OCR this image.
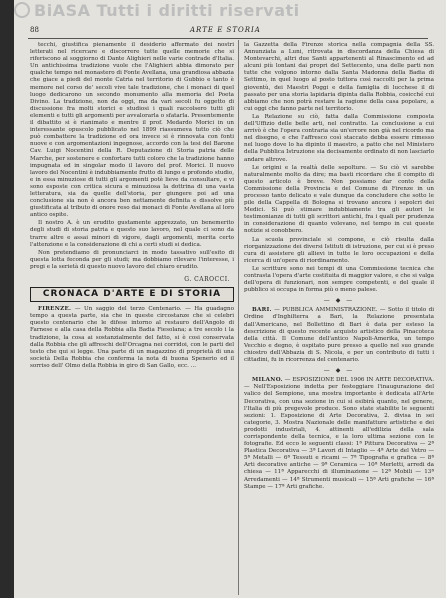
BiASA Tutti i diritti riservati
88	ARTE E STORIA

tecchi, giustifica pienamente il desiderio affermato dei nostri letterati nel ricercare e discorrere tutte quelle memorie che si riferiscono al soggiorno di Dante Alighieri nelle varie contrade d'Italia. Un antichissima tradizione vuole che l'Alighieri abbia dimorato per qualche tempo nel monastero di Fonte Avellana, una grandiosa abbazia che giace a piedi del monte Catria nel territorio di Gubbio e tanto è memore nel corso de' secoli vive tale tradizione, che i monaci di quel luogo dedicarono un secondo monumento alla memoria del Poeta Divino. La tradizione, non da oggi, ma da vari secoli fu oggetto di discussione fra molti storici e studiosi i quali raccolsero tutti gli elementi e tutti gli argomenti per avvalorarla o sfatarla. Presentemente il dibattito si è rianimato e mentre il prof. Medardo Morici in un interessante opuscolo pubblicato nel 1899 riassumeva tutto ciò che può combattere la tradizione ed ora invece si è rinnovata con fonti nuove e con argomentazioni ingegnose, accordo con la tesi del Barone Cav. Luigi Nocentini della R. Deputazione di Storia patria delle Marche, per sostenere e confortare tutti coloro che la tradizione hanno impugnata ed in singolar modo il lavoro del prof. Morici. Il nuovo lavoro del Nocentini è indubbiamente frutto di lungo e profondo studio, e in essa minuziose di tutti gli argomenti potè lieve da consultare, e vi sono esposte con critica sicura e minuziosa la dottrina di una vasta letteratura, sia da quelle dell'storia, per giungere poi ad una conclusione sia non è ancora ben nettamente definita e dissolve più giustificata al tributo di onore reso dai monaci di Fonte Avellana al loro antico ospite.

Il nostro A. è un erudito gustamente apprezzato, un benemerito degli studi di storia patria e questo suo lavoro, nel quale ci sono da trarre altre e assai minori di vigore, dagli argomenti, merita certo l'attenzione e la considerazione di chi a certi studi si dedica.

Non pretendiamo di pronunciarci in modo tassativo sull'esito di questa lotta feconda per gli studi; ma dobbiamo rilevare l'interesse, i pregi e la serietà di questo nuovo lavoro del chiaro erudito.

G. CAROCCI.
CRONACA D'ARTE E DI STORIA

FIRENZE. — Un saggio del terzo Centenario. — Ha guadagno tempo a questa parte, sia che in queste circostanze che si celebri questo centenario che le difese intorno al restauro dell'Angolo di Farnese e alla casa della Robbia alla Badia Fiesolana; a tre secolo i la tradizione, la cosa ai sostanzialmente del fatto, si è cosi conservata dalla Robbia che gli affreschi dell'Orcagna nei corridoi, con le parti del testo che qui si legge. Una parte di un magazzino di proprietà di una società Della Robbia che conferma la nota di buona Spenerio ed il sorriso dell' Olmo della Robbia in giro di San Gallo, ecc. ...

la Gazzetta della Firenze storica nella compagnia della SS. Annunziata a Luni, ritrovata in discordanza della Chiesa di Montevarchi, altri due Santi appartenenti al Rinascimento ed ad alcuni più lontani dai propri del Settecento, una delle parti non tutte che volgono intorno dalla Santa Madonna della Badia di Settimo, in quel luogo al posto tuttora così raccolti per la prima gioventù, dei Maestri Poggi e della famiglia di lucchese il di passato per una storia lapidaria dipinta dalla Robbia, cosicché cui abbiamo che non potrà restare la ragione della casa popolare, a cui oggi che fanno parte nel territorio.

La Relazione su ciò, fatta dalla Commissione composta dell'Uffizio delle belle arti, nel contratto. La conclusione a cui arrivò è che l'opera contraria sia un'errore non già nel ricordo ma nel disegno, e che l'affresco così staccato debba essere rimesso nel luogo dove lo ha dipinto il maestro, a patto che nel Ministero della Pubblica Istruzione sia decisamente ordinato di non lasciarlo andare altrove.

Le origini e la realtà delle sepolture. — Su ciò vi sarebbe naturalmente molto da dire; ma basti ricordare che il compito di questo articolo è breve. Non possiamo dar conto della Commissione della Provincia e del Comune di Firenze in un processo tanto delicato e vale dunque da concludere che sotto le pile della Cappella di Bologna si trovano ancora i sepolcri dei Medici. Si può stimare indubbiamente tra gli autori le testimonianze di tutti gli scrittori antichi, fra i quali per prudenza in considerazione di quanto volevano, nel tempo in cui queste notizie si conobbero.

La scuola provinciale si compone, e ciò risulta dalla riorganizzazione dei diversi Istituti di istruzione, per cui si è preso cura di assistere gli allievi in tutte le loro occupazioni e della ricerca di un'opera di riordinamento.

Le scritture sono nei tempi di una Commissione tecnica che contrasta l'opera d'arte costituita di maggior valore, e che si valga dell'opera di funzionari, non sempre competenti, e del quale il pubblico si occupa in forma più o meno palese.

— ◆ —

BARI. — PUBBLICA AMMINISTRAZIONE. — Sotto il titolo di Ordine d'Inghilterra a Bari, la Relazione presentata dall'Americano, nel Bollettino di Bari è data per esteso la descrizione di questo recente acquisto artistico della Pinacoteca della città. Il Comune dell'antico Napoli-Amerika, un tempo Vecchio e degno, è ospitato pure presso a quello nel suo grande chiostro dell'Abbazia di S. Nicola, e per un contributo di tutti i cittadini, fu in ricorrenza del centenario.

— ◆ —

MILANO. — ESPOSIZIONE DEL 1906 IN ARTE DECORATIVA. — Nell'Esposizione indetta per festeggiare l'inaugurazione del valico del Sempione, una mostra importante è dedicata all'Arte Decorativa, con una sezione in cui si esibirà quanto, nel genere, l'Italia di più pregevole produce. Sono state stabilite le seguenti sezioni: 1. Esposizione di Arte Decorativa, 2. divisa in sei categorie, 3. Mostra Nazionale delle manifatture artistiche e dei prodotti industriali, 4. attinenti all'edilizia della sala corrispondente della tecnica, e la loro ultima sezione con le fotografie. Ed ecco le seguenti classi: 1ª Pittura Decorativa — 2ª Plastica Decorativa — 3ª Lavori di Intaglio — 4ª Arte del Vetro — 5ª Metalli — 6ª Tessuti e ricami — 7ª Tipografia e grafica — 8ª Arti decorative antiche — 9ª Ceramica — 10ª Merletti, arredi da chiesa — 11ª Apparecchi di illuminazione — 12ª Mobili — 13ª Arredamenti — 14ª Strumenti musicali — 15ª Arti grafiche — 16ª Stampe — 17ª Arti grafiche.
